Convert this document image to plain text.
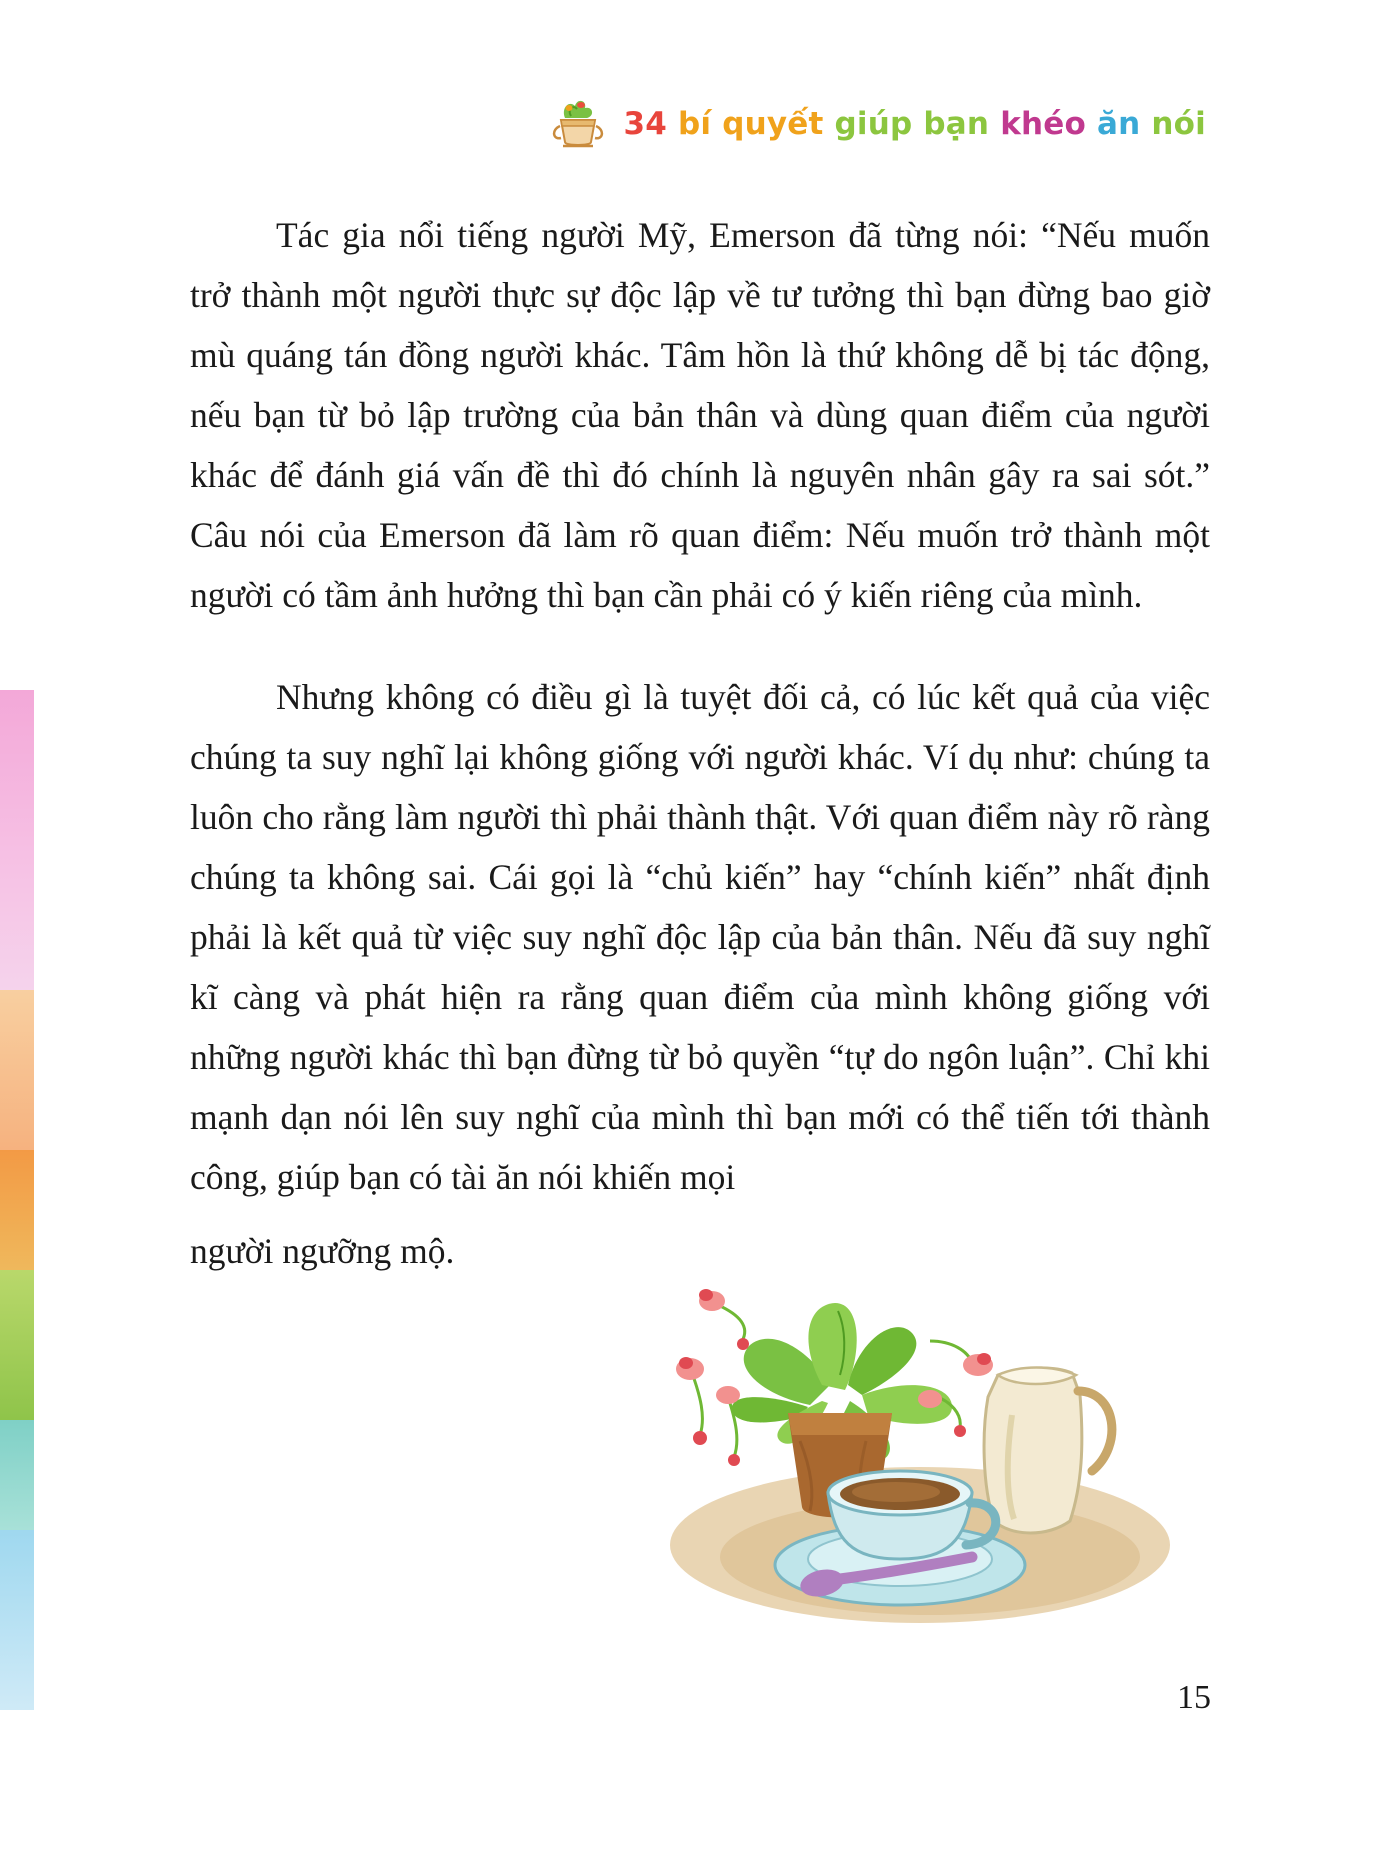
34 bí quyết giúp bạn khéo ăn nói

Tác gia nổi tiếng người Mỹ, Emerson đã từng nói: “Nếu muốn trở thành một người thực sự độc lập về tư tưởng thì bạn đừng bao giờ mù quáng tán đồng người khác. Tâm hồn là thứ không dễ bị tác động, nếu bạn từ bỏ lập trường của bản thân và dùng quan điểm của người khác để đánh giá vấn đề thì đó chính là nguyên nhân gây ra sai sót.” Câu nói của Emerson đã làm rõ quan điểm: Nếu muốn trở thành một người có tầm ảnh hưởng thì bạn cần phải có ý kiến riêng của mình.

Nhưng không có điều gì là tuyệt đối cả, có lúc kết quả của việc chúng ta suy nghĩ lại không giống với người khác. Ví dụ như: chúng ta luôn cho rằng làm người thì phải thành thật. Với quan điểm này rõ ràng chúng ta không sai. Cái gọi là “chủ kiến” hay “chính kiến” nhất định phải là kết quả từ việc suy nghĩ độc lập của bản thân. Nếu đã suy nghĩ kĩ càng và phát hiện ra rằng quan điểm của mình không giống với những người khác thì bạn đừng từ bỏ quyền “tự do ngôn luận”. Chỉ khi mạnh dạn nói lên suy nghĩ của mình thì bạn mới có thể tiến tới thành công, giúp bạn có tài ăn nói khiến mọi

người ngưỡng mộ.
15
